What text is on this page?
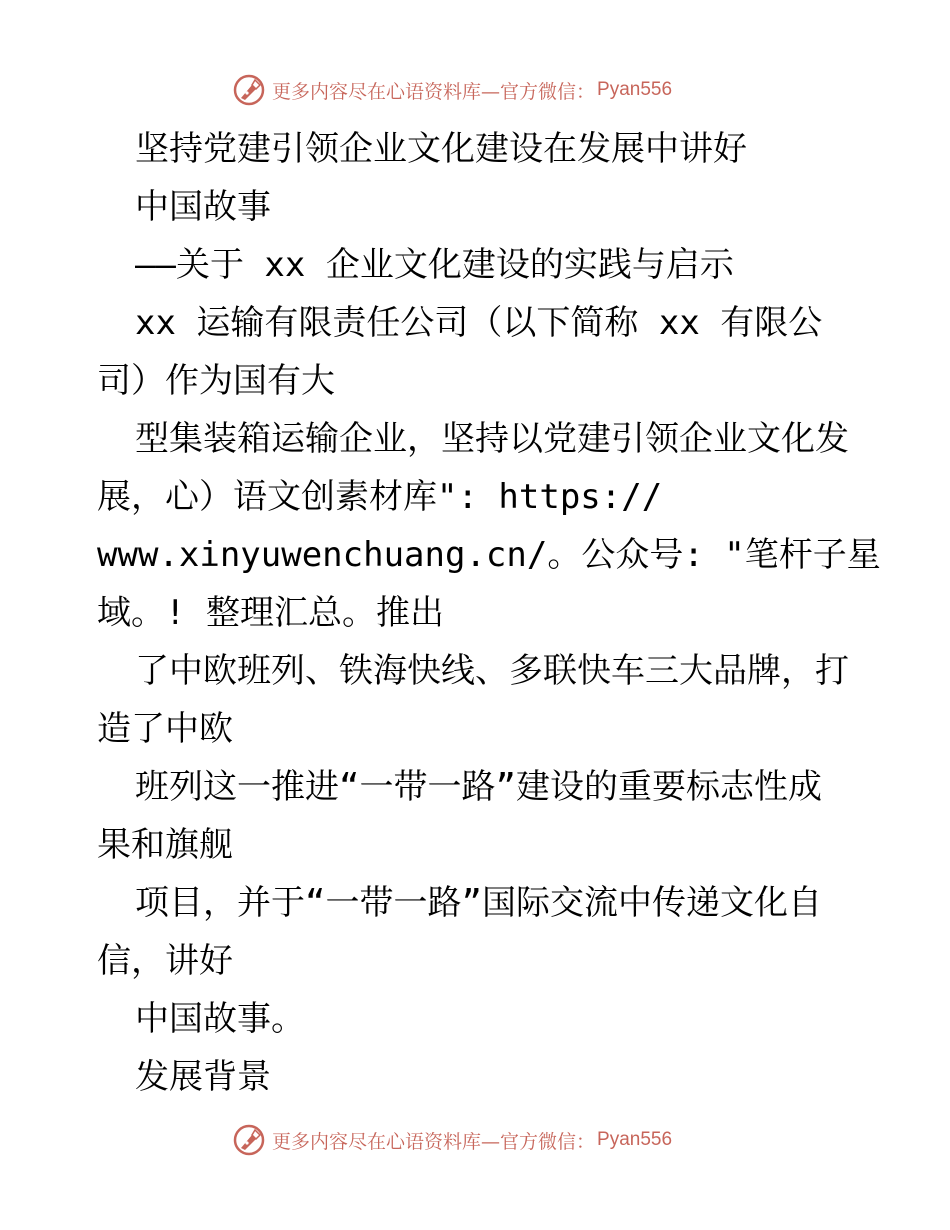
更多内容尽在心语资料库—官方微信： Pyan556
坚持党建引领企业文化建设在发展中讲好
中国故事
——关于 xx 企业文化建设的实践与启示
xx 运输有限责任公司（以下简称 xx 有限公
司）作为国有大
型集装箱运输企业，坚持以党建引领企业文化发
展，心）语文创素材库": https://
www.xinyuwenchuang.cn/。公众号: "笔杆子星
域。! 整理汇总。推出
了中欧班列、铁海快线、多联快车三大品牌，打
造了中欧
班列这一推进“一带一路”建设的重要标志性成
果和旗舰
项目，并于“一带一路”国际交流中传递文化自
信，讲好
中国故事。
发展背景
更多内容尽在心语资料库—官方微信： Pyan556
